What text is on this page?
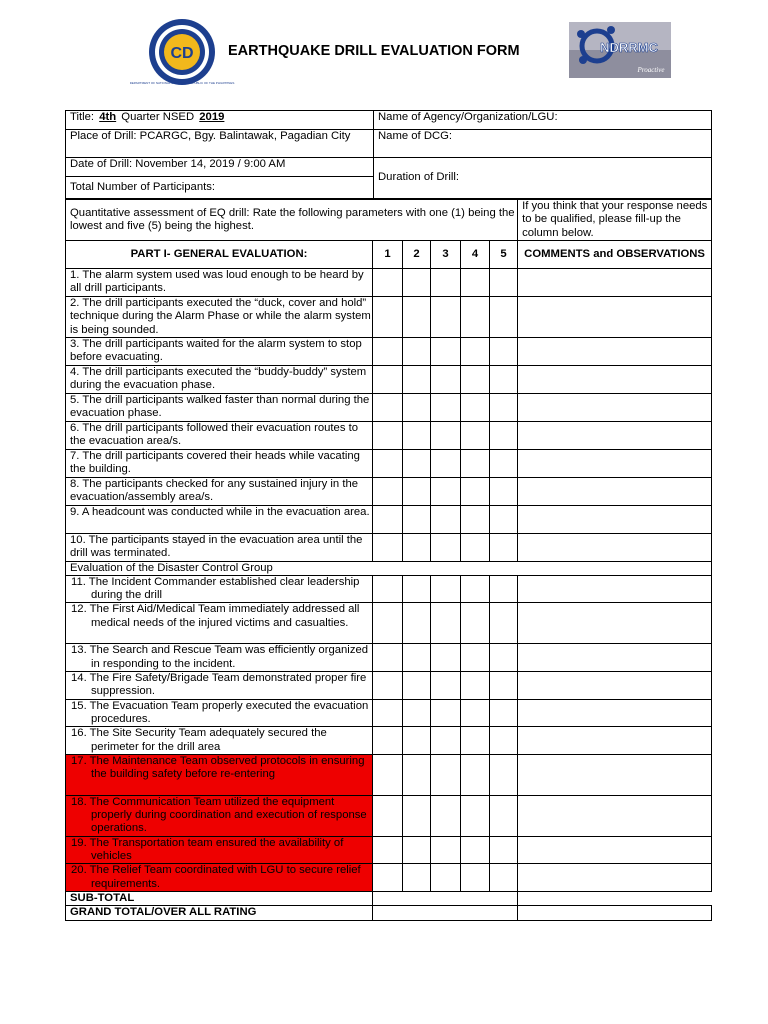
CD
DEPARTMENT OF NATIONAL DEFENSE · REPUBLIC OF THE PHILIPPINES
EARTHQUAKE DRILL EVALUATION FORM	NDRRMC
Proactive
Title: 4th Quarter NSED 2019	Name of Agency/Organization/LGU:
Place of Drill: PCARGC, Bgy. Balintawak, Pagadian City	Name of DCG:
Date of Drill: November 14, 2019 / 9:00 AM	Duration of Drill:
Total Number of Participants:	
Quantitative assessment of EQ drill: Rate the following parameters with one (1) being the lowest and five (5) being the highest.						If you think that your response needs to be qualified, please fill-up the column below.
PART I- GENERAL EVALUATION:	1	2	3	4	5	COMMENTS and OBSERVATIONS
1. The alarm system used was loud enough to be heard by all drill participants.						
2. The drill participants executed the “duck, cover and hold” technique during the Alarm Phase or while the alarm system is being sounded.						
3. The drill participants waited for the alarm system to stop before evacuating.						
4. The drill participants executed the “buddy-buddy” system during the evacuation phase.						
5. The drill participants walked faster than normal during the evacuation phase.						
6. The drill participants followed their evacuation routes to the evacuation area/s.						
7. The drill participants covered their heads while vacating the building.						
8. The participants checked for any sustained injury in the evacuation/assembly area/s.						
9. A headcount was conducted while in the evacuation area.						
10. The participants stayed in the evacuation area until the drill was terminated.						
Evaluation of the Disaster Control Group						
11. The Incident Commander established clear leadership during the drill						
12. The First Aid/Medical Team immediately addressed all medical needs of the injured victims and casualties.						
13. The Search and Rescue Team was efficiently organized in responding to the incident.						
14. The Fire Safety/Brigade Team demonstrated proper fire suppression.						
15. The Evacuation Team properly executed the evacuation procedures.						
16. The Site Security Team adequately secured the perimeter for the drill area						
17. The Maintenance Team observed protocols in ensuring the building safety before re-entering						
18. The Communication Team utilized the equipment properly during coordination and execution of response operations.						
19. The Transportation team ensured the availability of vehicles						
20. The Relief Team coordinated with LGU to secure relief requirements.						
SUB-TOTAL						
GRAND TOTAL/OVER ALL RATING						
